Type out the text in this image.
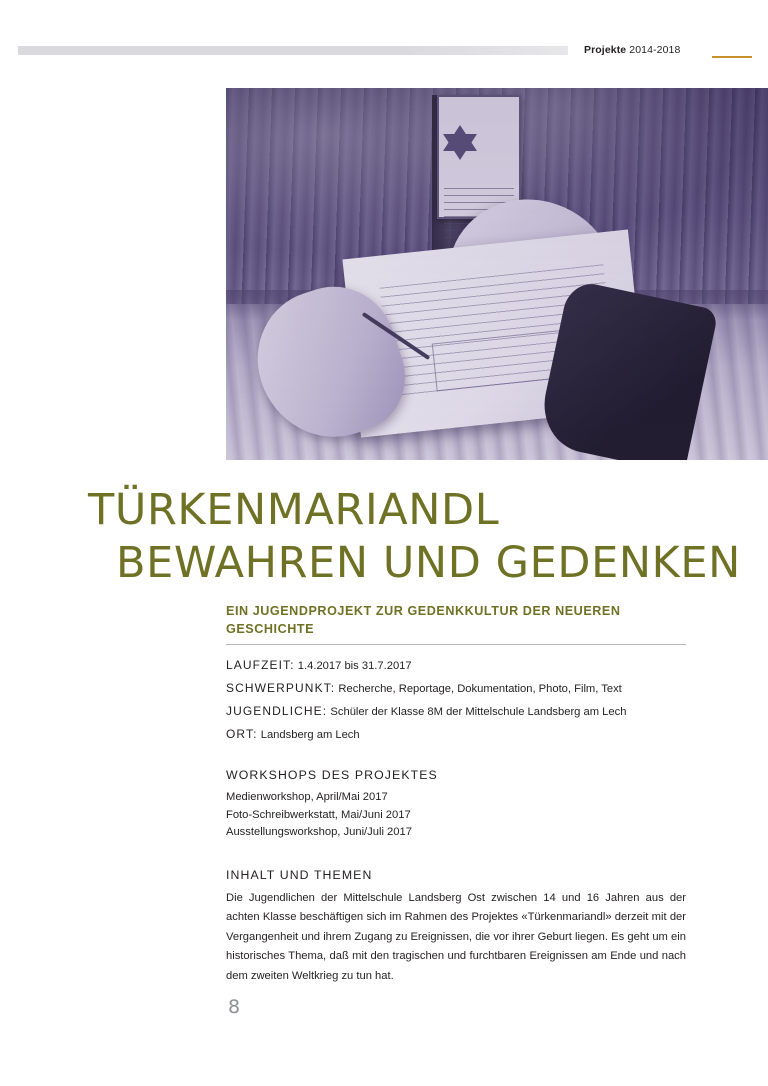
Projekte 2014-2018
TÜRKENMARIANDL
BEWAHREN UND GEDENKEN
EIN JUGENDPROJEKT ZUR GEDENKKULTUR DER NEUEREN GESCHICHTE
LAUFZEIT: 1.4.2017 bis 31.7.2017
SCHWERPUNKT: Recherche, Reportage, Dokumentation, Photo, Film, Text
JUGENDLICHE: Schüler der Klasse 8M der Mittelschule Landsberg am Lech
ORT: Landsberg am Lech
WORKSHOPS DES PROJEKTES
Medienworkshop, April/Mai 2017
Foto-Schreibwerkstatt, Mai/Juni 2017
Ausstellungsworkshop, Juni/Juli 2017
INHALT UND THEMEN

Die Jugendlichen der Mittelschule Landsberg Ost zwischen 14 und 16 Jahren aus der achten Klasse beschäftigen sich im Rahmen des Projektes «Türkenmariandl» derzeit mit der Vergangenheit und ihrem Zugang zu Ereignissen, die vor ihrer Geburt liegen. Es geht um ein historisches Thema, daß mit den tragischen und furchtbaren Ereignissen am Ende und nach dem zweiten Weltkrieg zu tun hat.

8
